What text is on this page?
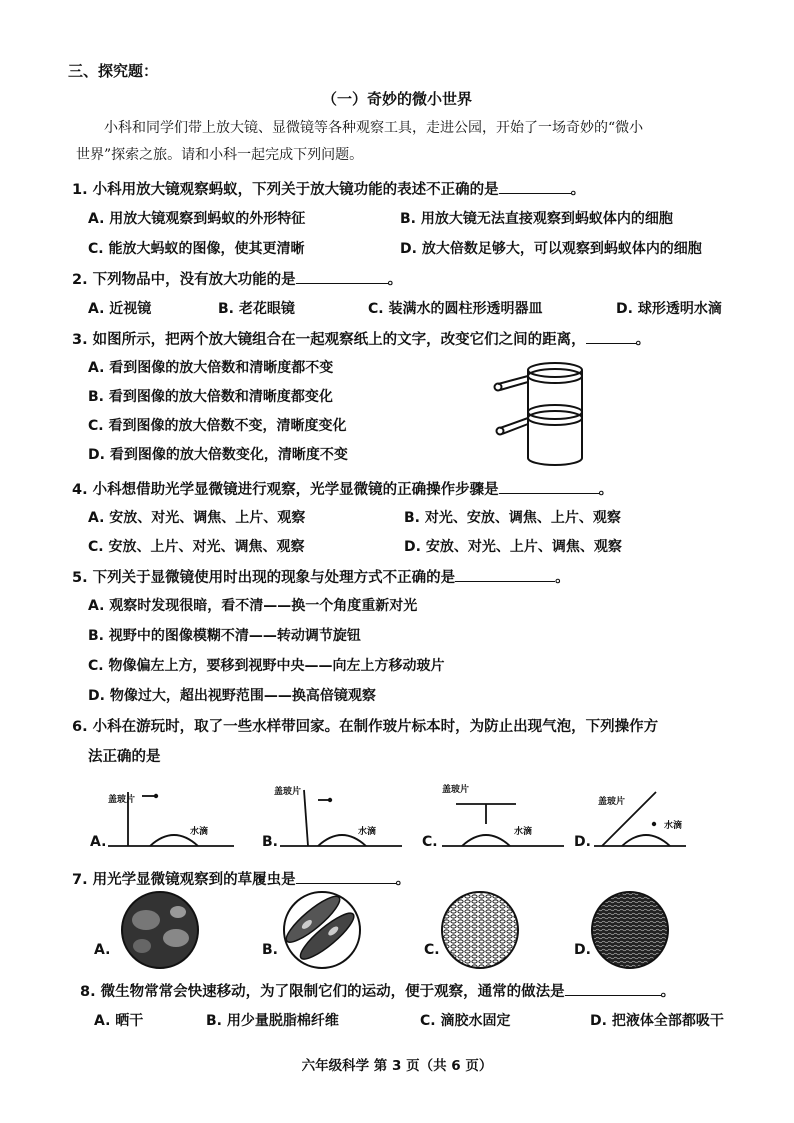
三、探究题：
（一）奇妙的微小世界
小科和同学们带上放大镜、显微镜等各种观察工具，走进公园，开始了一场奇妙的“微小
世界”探索之旅。请和小科一起完成下列问题。
1. 小科用放大镜观察蚂蚁，下列关于放大镜功能的表述不正确的是	。
A. 用放大镜观察到蚂蚁的外形特征	B. 用放大镜无法直接观察到蚂蚁体内的细胞
C. 能放大蚂蚁的图像，使其更清晰	D. 放大倍数足够大，可以观察到蚂蚁体内的细胞
2. 下列物品中，没有放大功能的是	。
A. 近视镜	B. 老花眼镜	C. 装满水的圆柱形透明器皿	D. 球形透明水滴
3. 如图所示，把两个放大镜组合在一起观察纸上的文字，改变它们之间的距离，	。
A. 看到图像的放大倍数和清晰度都不变
B. 看到图像的放大倍数和清晰度都变化
C. 看到图像的放大倍数不变，清晰度变化
D. 看到图像的放大倍数变化，清晰度不变
4. 小科想借助光学显微镜进行观察，光学显微镜的正确操作步骤是	。
A. 安放、对光、调焦、上片、观察	B. 对光、安放、调焦、上片、观察
C. 安放、上片、对光、调焦、观察	D. 安放、对光、上片、调焦、观察
5. 下列关于显微镜使用时出现的现象与处理方式不正确的是	。
A. 观察时发现很暗，看不清——换一个角度重新对光
B. 视野中的图像模糊不清——转动调节旋钮
C. 物像偏左上方，要移到视野中央——向左上方移动玻片
D. 物像过大，超出视野范围——换高倍镜观察
6. 小科在游玩时，取了一些水样带回家。在制作玻片标本时，为防止出现气泡，下列操作方
法正确的是
盖玻片
水滴
盖玻片
水滴
盖玻片
水滴
盖玻片
水滴
A.	B.	C.	D.
7. 用光学显微镜观察到的草履虫是	。
A.	B.	C.	D.
8. 微生物常常会快速移动，为了限制它们的运动，便于观察，通常的做法是	。
A. 晒干	B. 用少量脱脂棉纤维	C. 滴胶水固定	D. 把液体全部都吸干
六年级科学 第 3 页（共 6 页）
